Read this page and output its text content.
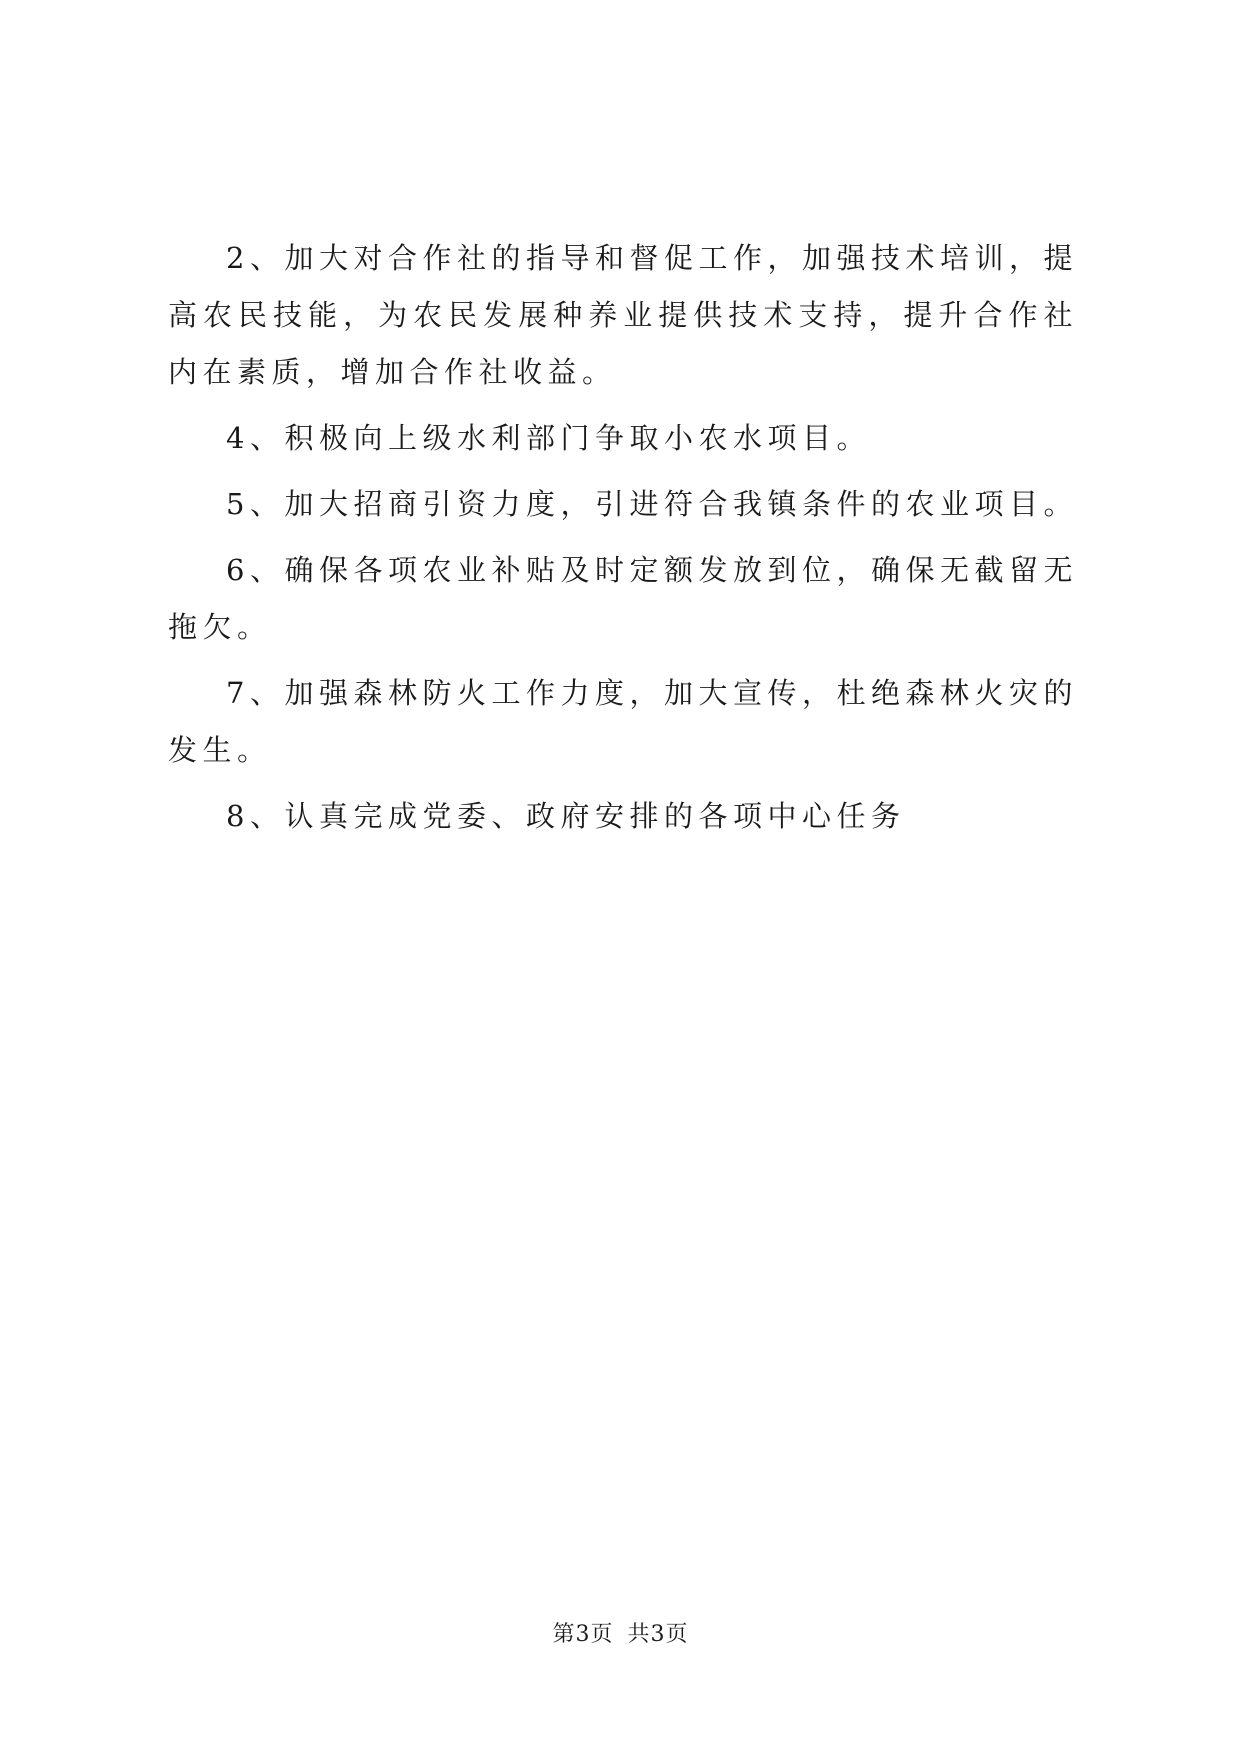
2、加大对合作社的指导和督促工作，加强技术培训，提高农民技能，为农民发展种养业提供技术支持，提升合作社内在素质，增加合作社收益。

4、积极向上级水利部门争取小农水项目。

5、加大招商引资力度，引进符合我镇条件的农业项目。

6、确保各项农业补贴及时定额发放到位，确保无截留无拖欠。

7、加强森林防火工作力度，加大宣传，杜绝森林火灾的发生。

8、认真完成党委、政府安排的各项中心任务

第3页 共3页
